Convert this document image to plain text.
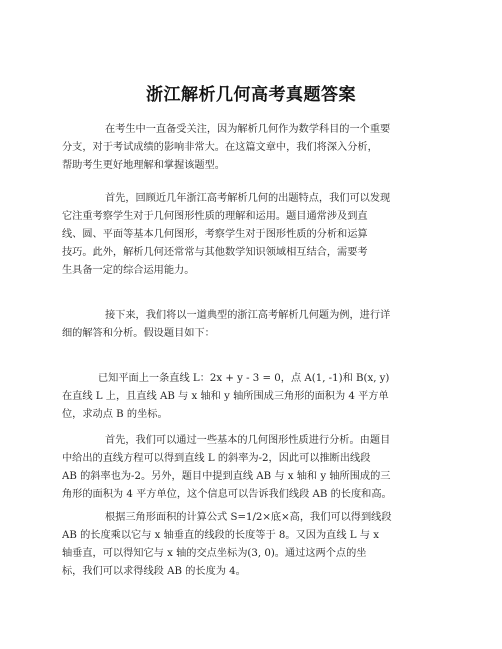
浙江解析几何高考真题答案
在考生中一直备受关注，因为解析几何作为数学科目的一个重要
分支，对于考试成绩的影响非常大。在这篇文章中，我们将深入分析，
帮助考生更好地理解和掌握该题型。
首先，回顾近几年浙江高考解析几何的出题特点，我们可以发现
它注重考察学生对于几何图形性质的理解和运用。题目通常涉及到直
线、圆、平面等基本几何图形，考察学生对于图形性质的分析和运算
技巧。此外，解析几何还常常与其他数学知识领域相互结合，需要考
生具备一定的综合运用能力。
接下来，我们将以一道典型的浙江高考解析几何题为例，进行详
细的解答和分析。假设题目如下：
已知平面上一条直线 L：2x + y - 3 = 0，点 A(1, -1)和 B(x, y)
在直线 L 上，且直线 AB 与 x 轴和 y 轴所围成三角形的面积为 4 平方单
位，求动点 B 的坐标。
首先，我们可以通过一些基本的几何图形性质进行分析。由题目
中给出的直线方程可以得到直线 L 的斜率为-2，因此可以推断出线段
AB 的斜率也为-2。另外，题目中提到直线 AB 与 x 轴和 y 轴所围成的三
角形的面积为 4 平方单位，这个信息可以告诉我们线段 AB 的长度和高。
根据三角形面积的计算公式 S=1/2×底×高，我们可以得到线段
AB 的长度乘以它与 x 轴垂直的线段的长度等于 8。又因为直线 L 与 x
轴垂直，可以得知它与 x 轴的交点坐标为(3, 0)。通过这两个点的坐
标，我们可以求得线段 AB 的长度为 4。
